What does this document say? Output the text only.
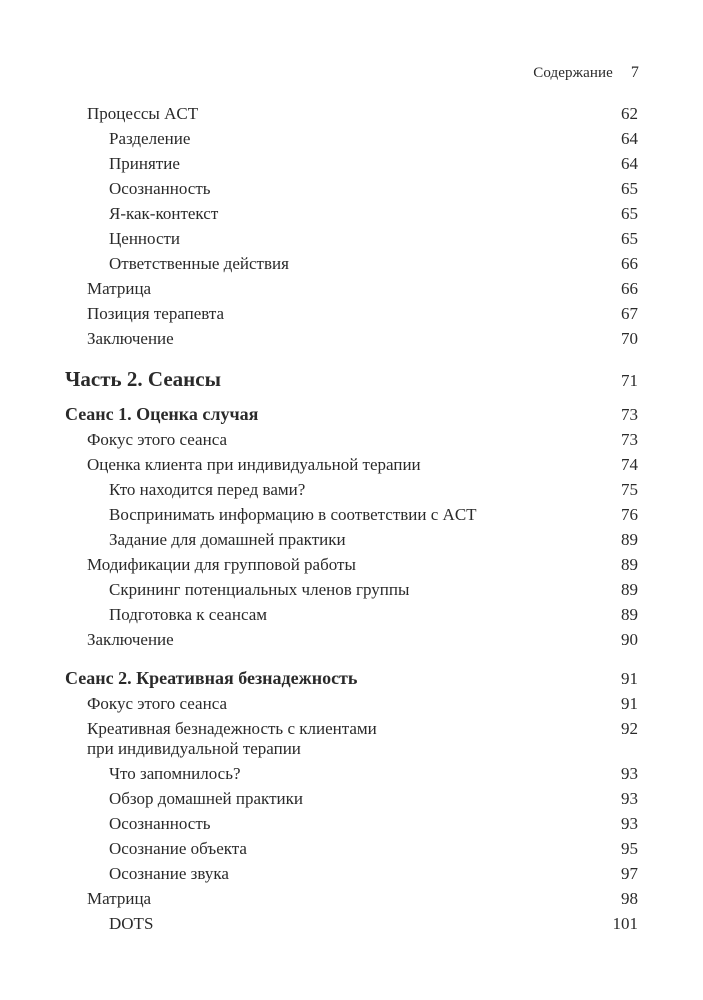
Содержание 7
Процессы ACT	62
Разделение	64
Принятие	64
Осознанность	65
Я-как-контекст	65
Ценности	65
Ответственные действия	66
Матрица	66
Позиция терапевта	67
Заключение	70
Часть 2. Сеансы	71
Сеанс 1. Оценка случая	73
Фокус этого сеанса	73
Оценка клиента при индивидуальной терапии	74
Кто находится перед вами?	75
Воспринимать информацию в соответствии с ACT	76
Задание для домашней практики	89
Модификации для групповой работы	89
Скрининг потенциальных членов группы	89
Подготовка к сеансам	89
Заключение	90
Сеанс 2. Креативная безнадежность	91
Фокус этого сеанса	91
Креативная безнадежность с клиентами
при индивидуальной терапии
92
Что запомнилось?	93
Обзор домашней практики	93
Осознанность	93
Осознание объекта	95
Осознание звука	97
Матрица	98
DOTS	101
